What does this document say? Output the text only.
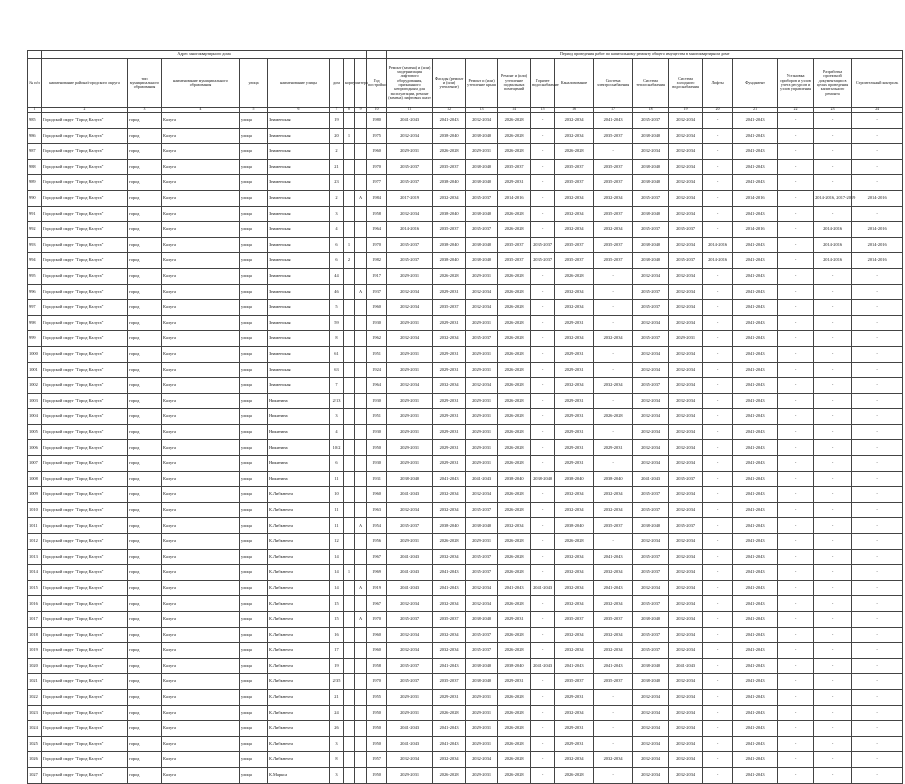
	Адрес многоквартирного дома									Период проведения работ по капитальному ремонту общего имущества в многоквартирном доме													
№ п/п	наименование района/городского округа	тип муниципального образования	наименование муниципального образования	улица	наименование улицы	дом	корпус	литера	Год постройки	Ремонт (замена) и (или) модернизация лифтового оборудования, признанного непригодным для эксплуатации, ремонт (замена) лифтовых шахт	Фасады (ремонт и (или) утепление)	Ремонт и (или) утепление крыш	Ремонт и (или) утепление подвальных помещений	Горячее водоснабжение	Канализование	Система электроснабжения	Система теплоснабжения	Система холодного водоснабжения	Лифты	Фундамент	Установка приборов и узлов учета ресурсов и узлов управления	Разработка проектной документации в целях проведения капитального ремонта	Строительный контроль
1	2	3	4	5	6	7	8	9	10	11	12	13	14	15	16	17	18	19	20	21	22	23	24
985	Городской округ "Город Калуга"	город	Калуга	улица	Знаменская	19			1980	2041-2043	2041-2043	2032-2034	2026-2028	-	2032-2034	2041-2043	2035-2037	2032-2034	-	2041-2043	-	-	-
986	Городской округ "Город Калуга"	город	Калуга	улица	Знаменская	20	1		1975	2032-2034	2038-2040	2038-2040	2026-2028	-	2032-2034	2035-2037	2038-2040	2032-2034	-	2041-2043	-	-	-
987	Городской округ "Город Калуга"	город	Калуга	улица	Знаменская	2			1960	2029-2031	2026-2028	2029-2031	2026-2028	-	2026-2028	-	2032-2034	2032-2034	-	2041-2043	-	-	-
988	Городской округ "Город Калуга"	город	Калуга	улица	Знаменская	21			1970	2035-2037	2035-2037	2038-2040	2035-2037	-	2035-2037	2035-2037	2038-2040	2032-2034	-	2041-2043	-	-	-
989	Городской округ "Город Калуга"	город	Калуга	улица	Знаменская	23			1977	2035-2037	2038-2040	2038-2040	2029-2031	-	2035-2037	2035-2037	2038-2040	2032-2034	-	2041-2043	-	-	-
990	Городской округ "Город Калуга"	город	Калуга	улица	Знаменская	2		А	1984	2017-2019	2032-2034	2035-2037	2014-2016	-	2032-2034	2032-2034	2035-2037	2032-2034	-	2014-2016	-	2014-2016, 2017-2019	2014-2016
991	Городской округ "Город Калуга"	город	Калуга	улица	Знаменская	3			1958	2032-2034	2038-2040	2038-2040	2026-2028	-	2032-2034	2035-2037	2038-2040	2032-2034	-	2041-2043	-	-	-
992	Городской округ "Город Калуга"	город	Калуга	улица	Знаменская	4			1964	2014-2016	2035-2037	2035-2037	2026-2028	-	2032-2034	2032-2034	2035-2037	2035-2037	-	2014-2016	-	2014-2016	2014-2016
993	Городской округ "Город Калуга"	город	Калуга	улица	Знаменская	6	1		1970	2035-2037	2038-2040	2038-2040	2035-2037	2035-2037	2035-2037	2035-2037	2038-2040	2032-2034	2014-2016	2041-2043	-	2014-2016	2014-2016
994	Городской округ "Город Калуга"	город	Калуга	улица	Знаменская	6	2		1982	2035-2037	2038-2040	2038-2040	2035-2037	2035-2037	2035-2037	2035-2037	2038-2040	2035-2037	2014-2016	2041-2043	-	2014-2016	2014-2016
995	Городской округ "Город Калуга"	город	Калуга	улица	Знаменская	44			1917	2029-2031	2026-2028	2029-2031	2026-2028	-	2026-2028	-	2032-2034	2032-2034	-	2041-2043	-	-	-
996	Городской округ "Город Калуга"	город	Калуга	улица	Знаменская	46		А	1937	2032-2034	2029-2031	2032-2034	2026-2028	-	2032-2034	-	2035-2037	2032-2034	-	2041-2043	-	-	-
997	Городской округ "Город Калуга"	город	Калуга	улица	Знаменская	5			1960	2032-2034	2035-2037	2032-2034	2026-2028	-	2032-2034	-	2035-2037	2032-2034	-	2041-2043	-	-	-
998	Городской округ "Город Калуга"	город	Калуга	улица	Знаменская	59			1930	2029-2031	2029-2031	2029-2031	2026-2028	-	2029-2031	-	2032-2034	2032-2034	-	2041-2043	-	-	-
999	Городской округ "Город Калуга"	город	Калуга	улица	Знаменская	8			1962	2032-2034	2032-2034	2035-2037	2026-2028	-	2032-2034	2032-2034	2035-2037	2029-2031	-	2041-2043	-	-	-
1000	Городской округ "Город Калуга"	город	Калуга	улица	Знаменская	61			1951	2029-2031	2029-2031	2029-2031	2026-2028	-	2029-2031	-	2032-2034	2032-2034	-	2041-2043	-	-	-
1001	Городской округ "Город Калуга"	город	Калуга	улица	Знаменская	63			1924	2029-2031	2029-2031	2029-2031	2026-2028	-	2029-2031	-	2032-2034	2032-2034	-	2041-2043	-	-	-
1002	Городской округ "Город Калуга"	город	Калуга	улица	Знаменская	7			1964	2032-2034	2032-2034	2032-2034	2026-2028	-	2032-2034	2032-2034	2035-2037	2032-2034	-	2041-2043	-	-	-
1003	Городской округ "Город Калуга"	город	Калуга	улица	Никитина	2/13			1930	2029-2031	2029-2031	2029-2031	2026-2028	-	2029-2031	-	2032-2034	2032-2034	-	2041-2043	-	-	-
1004	Городской округ "Город Калуга"	город	Калуга	улица	Никитина	3			1951	2029-2031	2029-2031	2029-2031	2026-2028	-	2029-2031	2026-2028	2032-2034	2032-2034	-	2041-2043	-	-	-
1005	Городской округ "Город Калуга"	город	Калуга	улица	Никитина	4			1930	2029-2031	2029-2031	2029-2031	2026-2028	-	2029-2031	-	2032-2034	2032-2034	-	2041-2043	-	-	-
1006	Городской округ "Город Калуга"	город	Калуга	улица	Никитина	10/2			1950	2029-2031	2029-2031	2029-2031	2026-2028	-	2029-2031	2029-2031	2032-2034	2032-2034	-	2041-2043	-	-	-
1007	Городской округ "Город Калуга"	город	Калуга	улица	Никитина	6			1930	2029-2031	2029-2031	2029-2031	2026-2028	-	2029-2031	-	2032-2034	2032-2034	-	2041-2043	-	-	-
1008	Городской округ "Город Калуга"	город	Калуга	улица	Никитина	11			1931	2038-2040	2041-2043	2041-2043	2038-2040	2038-2040	2038-2040	2038-2040	2041-2043	2035-2037	-	2041-2043	-	-	-
1009	Городской округ "Город Калуга"	город	Калуга	улица	К.Либкнехта	10			1960	2041-2043	2032-2034	2032-2034	2026-2028	-	2032-2034	2032-2034	2035-2037	2032-2034	-	2041-2043	-	-	-
1010	Городской округ "Город Калуга"	город	Калуга	улица	К.Либкнехта	11			1963	2032-2034	2032-2034	2035-2037	2026-2028	-	2032-2034	2032-2034	2035-2037	2032-2034	-	2041-2043	-	-	-
1011	Городской округ "Город Калуга"	город	Калуга	улица	К.Либкнехта	11		А	1954	2035-2037	2038-2040	2038-2040	2032-2034	-	2038-2040	2035-2037	2038-2040	2035-2037	-	2041-2043	-	-	-
1012	Городской округ "Город Калуга"	город	Калуга	улица	К.Либкнехта	12			1956	2029-2031	2026-2028	2029-2031	2026-2028	-	2026-2028	-	2032-2034	2032-2034	-	2041-2043	-	-	-
1013	Городской округ "Город Калуга"	город	Калуга	улица	К.Либкнехта	14			1967	2041-2043	2032-2034	2035-2037	2026-2028	-	2032-2034	2041-2043	2035-2037	2032-2034	-	2041-2043	-	-	-
1014	Городской округ "Город Калуга"	город	Калуга	улица	К.Либкнехта	14	1		1969	2041-2043	2041-2043	2035-2037	2026-2028	-	2032-2034	2032-2034	2035-2037	2032-2034	-	2041-2043	-	-	-
1015	Городской округ "Город Калуга"	город	Калуга	улица	К.Либкнехта	14		А	1919	2041-2043	2041-2043	2032-2034	2041-2043	2041-2043	2032-2034	2041-2043	2032-2034	2032-2034	-	2041-2043	-	-	-
1016	Городской округ "Город Калуга"	город	Калуга	улица	К.Либкнехта	15			1967	2032-2034	2032-2034	2032-2034	2026-2028	-	2032-2034	2032-2034	2035-2037	2032-2034	-	2041-2043	-	-	-
1017	Городской округ "Город Калуга"	город	Калуга	улица	К.Либкнехта	15		А	1970	2035-2037	2035-2037	2038-2040	2029-2031	-	2035-2037	2035-2037	2038-2040	2032-2034	-	2041-2043	-	-	-
1018	Городской округ "Город Калуга"	город	Калуга	улица	К.Либкнехта	16			1960	2032-2034	2032-2034	2035-2037	2026-2028	-	2032-2034	2032-2034	2035-2037	2032-2034	-	2041-2043	-	-	-
1019	Городской округ "Город Калуга"	город	Калуга	улица	К.Либкнехта	17			1960	2032-2034	2032-2034	2035-2037	2026-2028	-	2032-2034	2032-2034	2035-2037	2032-2034	-	2041-2043	-	-	-
1020	Городской округ "Город Калуга"	город	Калуга	улица	К.Либкнехта	19			1958	2035-2037	2041-2043	2038-2040	2038-2040	2041-2043	2041-2043	2041-2043	2038-2040	2041-2043	-	2041-2043	-	-	-
1021	Городской округ "Город Калуга"	город	Калуга	улица	К.Либкнехта	2/35			1970	2035-2037	2035-2037	2038-2040	2029-2031	-	2035-2037	2035-2037	2038-2040	2032-2034	-	2041-2043	-	-	-
1022	Городской округ "Город Калуга"	город	Калуга	улица	К.Либкнехта	21			1955	2029-2031	2029-2031	2029-2031	2026-2028	-	2029-2031	-	2032-2034	2032-2034	-	2041-2043	-	-	-
1023	Городской округ "Город Калуга"	город	Калуга	улица	К.Либкнехта	24			1950	2029-2031	2026-2028	2029-2031	2026-2028	-	2032-2034	-	2032-2034	2032-2034	-	2041-2043	-	-	-
1024	Городской округ "Город Калуга"	город	Калуга	улица	К.Либкнехта	26			1950	2041-2043	2041-2043	2029-2031	2026-2028	-	2029-2031	-	2032-2034	2032-2034	-	2041-2043	-	-	-
1025	Городской округ "Город Калуга"	город	Калуга	улица	К.Либкнехта	3			1950	2041-2043	2041-2043	2029-2031	2026-2028	-	2029-2031	-	2032-2034	2032-2034	-	2041-2043	-	-	-
1026	Городской округ "Город Калуга"	город	Калуга	улица	К.Либкнехта	8			1957	2032-2034	2032-2034	2032-2034	2026-2028	-	2032-2034	2032-2034	2032-2034	2032-2034	-	2041-2043	-	-	-
1027	Городской округ "Город Калуга"	город	Калуга	улица	К.Маркса	3			1950	2029-2031	2026-2028	2029-2031	2026-2028	-	2026-2028	-	2032-2034	2032-2034	-	2041-2043	-	-	-
